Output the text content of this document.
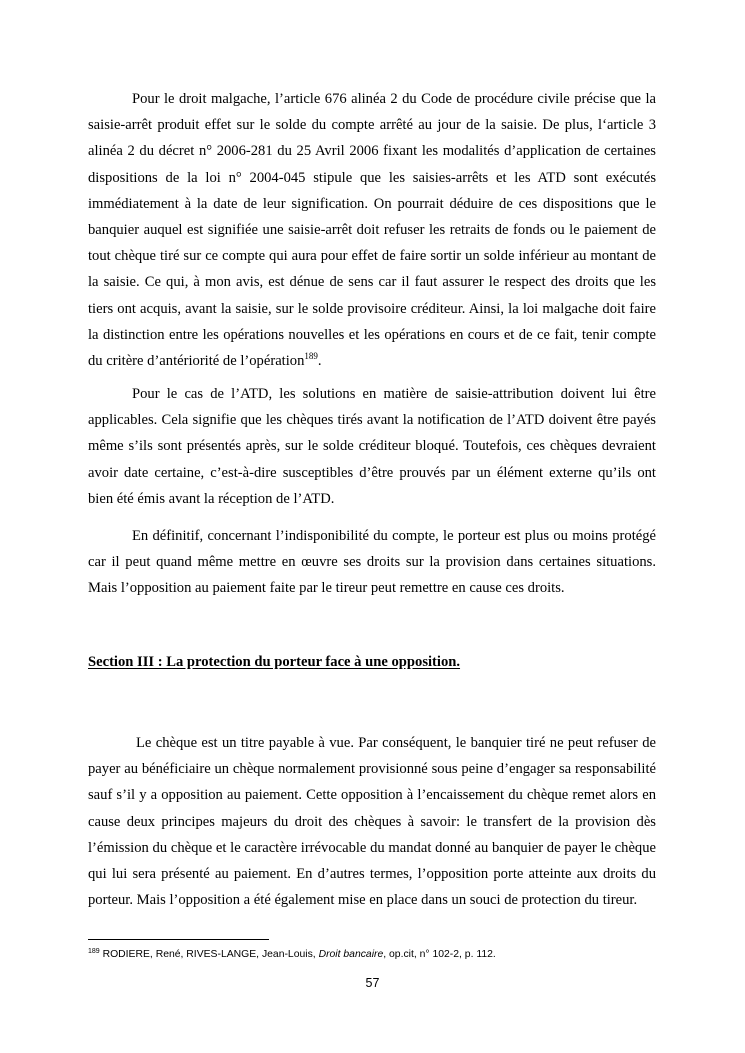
Pour le droit malgache, l’article 676 alinéa 2 du Code de procédure civile précise que la saisie-arrêt produit effet sur le solde du compte arrêté au jour de la saisie. De plus, l‘article 3 alinéa 2 du décret n° 2006-281 du 25 Avril 2006 fixant les modalités d’application de certaines dispositions de la loi n° 2004-045 stipule que les saisies-arrêts et les ATD sont exécutés immédiatement à la date de leur signification. On pourrait déduire de ces dispositions que le banquier auquel est signifiée une saisie-arrêt doit refuser les retraits de fonds ou le paiement de tout chèque tiré sur ce compte qui aura pour effet de faire sortir un solde inférieur au montant de la saisie. Ce qui, à mon avis, est dénue de sens car il faut assurer le respect des droits que les tiers ont acquis, avant la saisie, sur le solde provisoire créditeur. Ainsi, la loi malgache doit faire la distinction entre les opérations nouvelles et les opérations en cours et de ce fait, tenir compte du critère d’antériorité de l’opération$^{189}$.

Pour le cas de l’ATD, les solutions en matière de saisie-attribution doivent lui être applicables. Cela signifie que les chèques tirés avant la notification de l’ATD doivent être payés même s’ils sont présentés après, sur le solde créditeur bloqué. Toutefois, ces chèques devraient avoir date certaine, c’est-à-dire susceptibles d’être prouvés par un élément externe qu’ils ont bien été émis avant la réception de l’ATD.

En définitif, concernant l’indisponibilité du compte, le porteur est plus ou moins protégé car il peut quand même mettre en œuvre ses droits sur la provision dans certaines situations. Mais l’opposition au paiement faite par le tireur peut remettre en cause ces droits.

Section III : La protection du porteur face à une opposition.

Le chèque est un titre payable à vue. Par conséquent, le banquier tiré ne peut refuser de payer au bénéficiaire un chèque normalement provisionné sous peine d’engager sa responsabilité sauf s’il y a opposition au paiement. Cette opposition à l’encaissement du chèque remet alors en cause deux principes majeurs du droit des chèques à savoir: le transfert de la provision dès l’émission du chèque et le caractère irrévocable du mandat donné au banquier de payer le chèque qui lui sera présenté au paiement. En d’autres termes, l’opposition porte atteinte aux droits du porteur. Mais l’opposition a été également mise en place dans un souci de protection du tireur.

$^{189}$ RODIERE, René, RIVES-LANGE, Jean-Louis, Droit bancaire, op.cit, n° 102-2, p. 112.

57
